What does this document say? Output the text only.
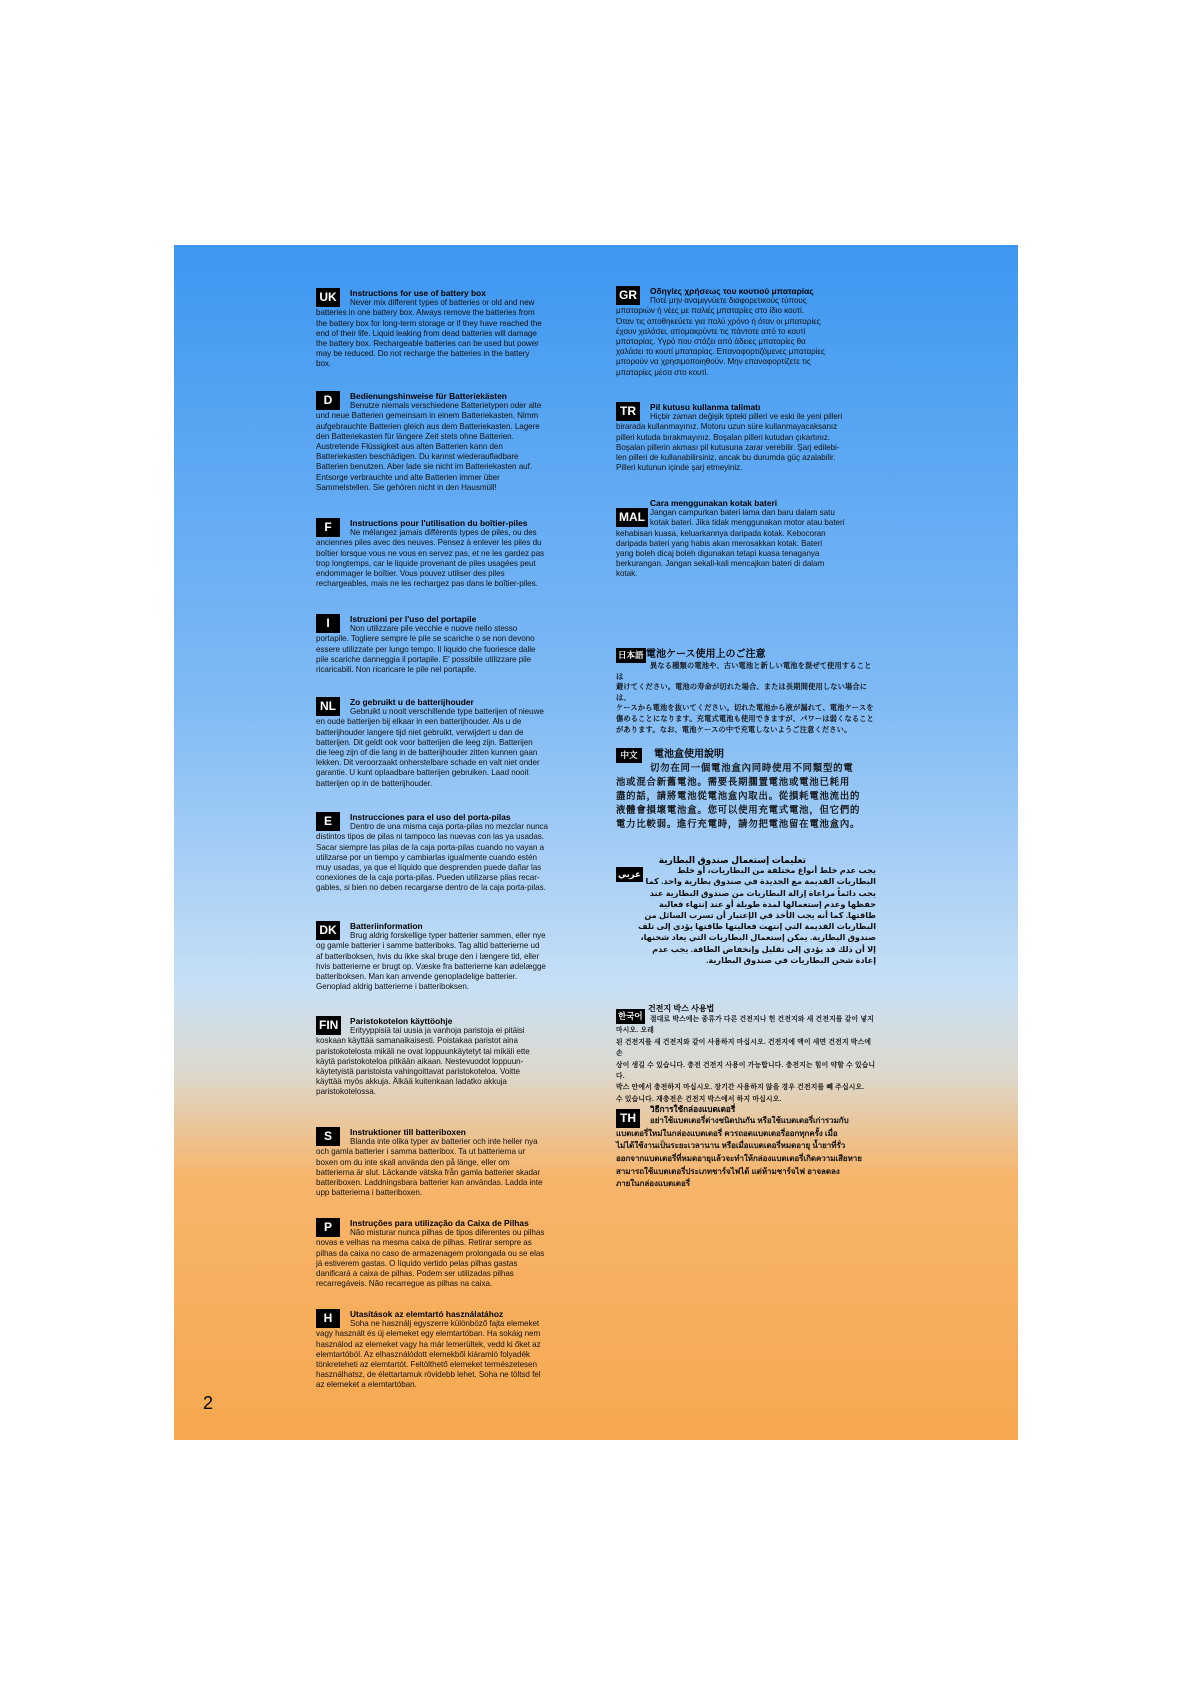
UK	Instructions for use of battery box
Never mix different types of batteries or old and new
batteries in one battery box. Always remove the batteries from
the battery box for long-term storage or if they have reached the
end of their life. Liquid leaking from dead batteries will damage
the battery box. Rechargeable batteries can be used but power
may be reduced. Do not recharge the batteries in the battery
box.
D	Bedienungshinweise für Batteriekästen
Benutze niemals verschiedene Batterietypen oder alte
und neue Batterien gemeinsam in einem Batteriekasten. Nimm
aufgebrauchte Batterien gleich aus dem Batteriekasten. Lagere
den Batteriekasten für längere Zeit stets ohne Batterien.
Austretende Flüssigkeit aus alten Batterien kann den
Batteriekasten beschädigen. Du kannst wiederaufladbare
Batterien benutzen. Aber lade sie nicht im Batteriekasten auf.
Entsorge verbrauchte und alte Batterien immer über
Sammelstellen. Sie gehören nicht in den Hausmüll!
F	Instructions pour l'utilisation du boîtier-piles
Ne mélangez jamais différents types de piles, ou des
anciennes piles avec des neuves. Pensez à enlever les piles du
boîtier lorsque vous ne vous en servez pas, et ne les gardez pas
trop longtemps, car le liquide provenant de piles usagées peut
endommager le boîtier. Vous pouvez utiliser des piles
rechargeables, mais ne les rechargez pas dans le boîtier-piles.
I	Istruzioni per l'uso del portapile
Non utilizzare pile vecchie e nuove nello stesso
portapile. Togliere sempre le pile se scariche o se non devono
essere utilizzate per lungo tempo. Il liquido che fuoriesce dalle
pile scariche danneggia il portapile. E' possibile utilizzare pile
ricaricabili. Non ricaricare le pile nel portapile.
NL	Zo gebruikt u de batterijhouder
Gebruikt u nooit verschillende type batterijen of nieuwe
en oude batterijen bij elkaar in een batterijhouder. Als u de
batterijhouder langere tijd niet gebruikt, verwijdert u dan de
batterijen. Dit geldt ook voor batterijen die leeg zijn. Batterijen
die leeg zijn of die lang in de batterijhouder zitten kunnen gaan
lekken. Dit veroorzaakt onherstelbare schade en valt niet onder
garantie. U kunt oplaadbare batterijen gebruiken. Laad nooit
batterijen op in de batterijhouder.
E	Instrucciones para el uso del porta-pilas
Dentro de una misma caja porta-pilas no mezclar nunca
distintos tipos de pilas ni tampoco las nuevas con las ya usadas.
Sacar siempre las pilas de la caja porta-pilas cuando no vayan a
utilizarse por un tiempo y cambiarlas igualmente cuando estén
muy usadas, ya que el líquido que desprenden puede dañar las
conexiones de la caja porta-pilas. Pueden utilizarse pilas recar-
gables, si bien no deben recargarse dentro de la caja porta-pilas.
DK	Batteriinformation
Brug aldrig forskellige typer batterier sammen, eller nye
og gamle batterier i samme batteriboks. Tag altid batterierne ud
af batteriboksen, hvis du ikke skal bruge den i længere tid, eller
hvis batterierne er brugt op. Væske fra batterierne kan ødelægge
batteriboksen. Man kan anvende genopladelige batterier.
Genoplad aldrig batterierne i batteriboksen.
FIN	Paristokotelon käyttöohje
Erityyppisiä tai uusia ja vanhoja paristoja ei pitäisi
koskaan käyttää samanaikaisesti. Poistakaa paristot aina
paristokotelosta mikäli ne ovat loppuunkäytetyt tai mikäli ette
käytä paristokoteloa pitkään aikaan. Nestevuodot loppuun-
käytetyistä paristoista vahingoittavat paristokoteloa. Voitte
käyttää myös akkuja. Älkää kuitenkaan ladatko akkuja
paristokotelossa.
S	Instruktioner till batteriboxen
Blanda inte olika typer av batterier och inte heller nya
och gamla batterier i samma batteribox. Ta ut batterierna ur
boxen om du inte skall använda den på länge, eller om
batterierna är slut. Läckande vätska från gamla batterier skadar
batteriboxen. Laddningsbara batterier kan användas. Ladda inte
upp batterierna i batteriboxen.
P	Instruções para utilização da Caixa de Pilhas
Não misturar nunca pilhas de tipos diferentes ou pilhas
novas e velhas na mesma caixa de pilhas. Retirar sempre as
pilhas da caixa no caso de armazenagem prolongada ou se elas
já estiverem gastas. O líquido vertido pelas pilhas gastas
danificará a caixa de pilhas. Podem ser utilizadas pilhas
recarregáveis. Não recarregue as pilhas na caixa.
H	Utasítások az elemtartó használatához
Soha ne használj egyszerre különböző fajta elemeket
vagy használt és új elemeket egy elemtartóban. Ha sokáig nem
használod az elemeket vagy ha már lemerültek, vedd ki őket az
elemtartóból. Az elhasználódott elemekből kiáramló folyadék
tönkreteheti az elemtartót. Feltölthető elemeket természetesen
használhatsz, de élettartamuk rövidebb lehet. Soha ne töltsd fel
az elemeket a elemtartóban.
GR	Οδηγίες χρήσεως του κουτιού μπαταρίας
Ποτέ μην αναμιγνύετε διαφορετικούς τύπους
μπαταριών ή νέες με παλιές μπαταρίες στο ίδιο κουτί.
Όταν τις αποθηκεύετε για πολύ χρόνο ή όταν οι μπαταρίες
έχουν χαλάσει, απομακρύντε τις πάντοτε από το κουτί
μπαταρίας. Υγρό που στάζει από άδειες μπαταρίες θα
χαλάσει το κουτί μπαταρίας. Επαναφορτιζόμενες μπαταρίες
μπορούν να χρησιμοποιηθούν. Μην επαναφορτίζετε τις
μπαταρίες μέσα στο κουτί.
TR	Pil kutusu kullanma talimatı
Hiçbir zaman değişik tipteki pilleri ve eski ile yeni pilleri
birarada kullanmayınız. Motoru uzun süre kullanmayacaksanız
pilleri kutuda bırakmayınız. Boşalan pilleri kutudan çıkartınız.
Boşalan pillerin akması pil kutusuna zarar verebilir. Şarj edilebi-
len pilleri de kullanabilirsiniz, ancak bu durumda güç azalabilir.
Pilleri kutunun içinde şarj etmeyiniz.
Cara menggunakan kotak bateri
MAL Jangan campurkan bateri lama dan baru dalam satu
kotak bateri. Jika tidak menggunakan motor atau bateri
kehabisan kuasa, keluarkannya daripada kotak. Kebocoran
daripada bateri yang habis akan merosakkan kotak. Bateri
yang boleh dicaj boleh digunakan tetapi kuasa tenaganya
berkurangan. Jangan sekali-kali mencajkan bateri di dalam
kotak.
日本語 電池ケース使用上のご注意
異なる種類の電池や、古い電池と新しい電池を混ぜて使用することは
避けてください。電池の寿命が切れた場合、または長期間使用しない場合には、
ケースから電池を抜いてください。切れた電池から液が漏れて、電池ケースを
傷めることになります。充電式電池も使用できますが、パワーは弱くなること
があります。なお、電池ケースの中で充電しないようご注意ください。
中文	電池盒使用說明
切勿在同一個電池盒內同時使用不同類型的電
池或混合新舊電池。需要長期擱置電池或電池已耗用
盡的話，請將電池從電池盒內取出。從損耗電池流出的
液體會損壞電池盒。您可以使用充電式電池，但它們的
電力比較弱。進行充電時，請勿把電池留在電池盒內。
عربي
تعليمات إستعمال صندوق البطارية
يجب عدم خلط أنواع مختلفة من البطاريات، أو خلط
البطاريات القديمة مع الجديدة في صندوق بطارية واحد. كما
يجب دائماً مراعاة إزالة البطاريات من صندوق البطارية عند
حفظها وعدم إستعمالها لمدة طويلة أو عند إنتهاء فعالية
طاقتها. كما أنه يجب الأخذ في الإعتبار أن تسرب السائل من
البطاريات القديمة التي إنتهت فعاليتها طاقتها يؤدي إلى تلف
صندوق البطارية. يمكن إستعمال البطاريات التي يعاد شحنها،
إلا أن ذلك قد يؤدي إلى تقليل وإنخفاض الطاقة. يجب عدم
إعادة شحن البطاريات في صندوق البطارية.
한국어
건전지 박스 사용법
절대로 박스에는 종류가 다른 건전지나 헌 건전지와 새 건전지를 같이 넣지 마시오. 오래
된 건전지를 새 건전지와 같이 사용하지 마십시오. 건전지에 액이 새면 건전지 박스에 손
상이 생길 수 있습니다. 충전 건전지 사용이 가능합니다. 충전지는 힘이 약할 수 있습니다.
박스 안에서 충전하지 마십시오. 장기간 사용하지 않을 경우 건전지를 빼 주십시오.
수 있습니다. 재충전은 건전지 박스에서 하지 마십시오.
TH
วิธีการใช้กล่องแบตเตอรี่
อย่าใช้แบตเตอรี่ต่างชนิดปนกัน หรือใช้แบตเตอรี่เก่ารวมกับ
แบตเตอรี่ใหม่ในกล่องแบตเตอรี่ ควรถอดแบตเตอรี่ออกทุกครั้ง เมื่อ
ไม่ได้ใช้งานเป็นระยะเวลานาน หรือเมื่อแบตเตอรี่หมดอายุ น้ำยาที่รั่ว
ออกจากแบตเตอรี่ที่หมดอายุแล้วจะทำให้กล่องแบตเตอรี่เกิดความเสียหาย
สามารถใช้แบตเตอรี่ประเภทชาร์จไฟได้ แต่ห้ามชาร์จไฟ อาจลดลง
ภายในกล่องแบตเตอรี่
2
